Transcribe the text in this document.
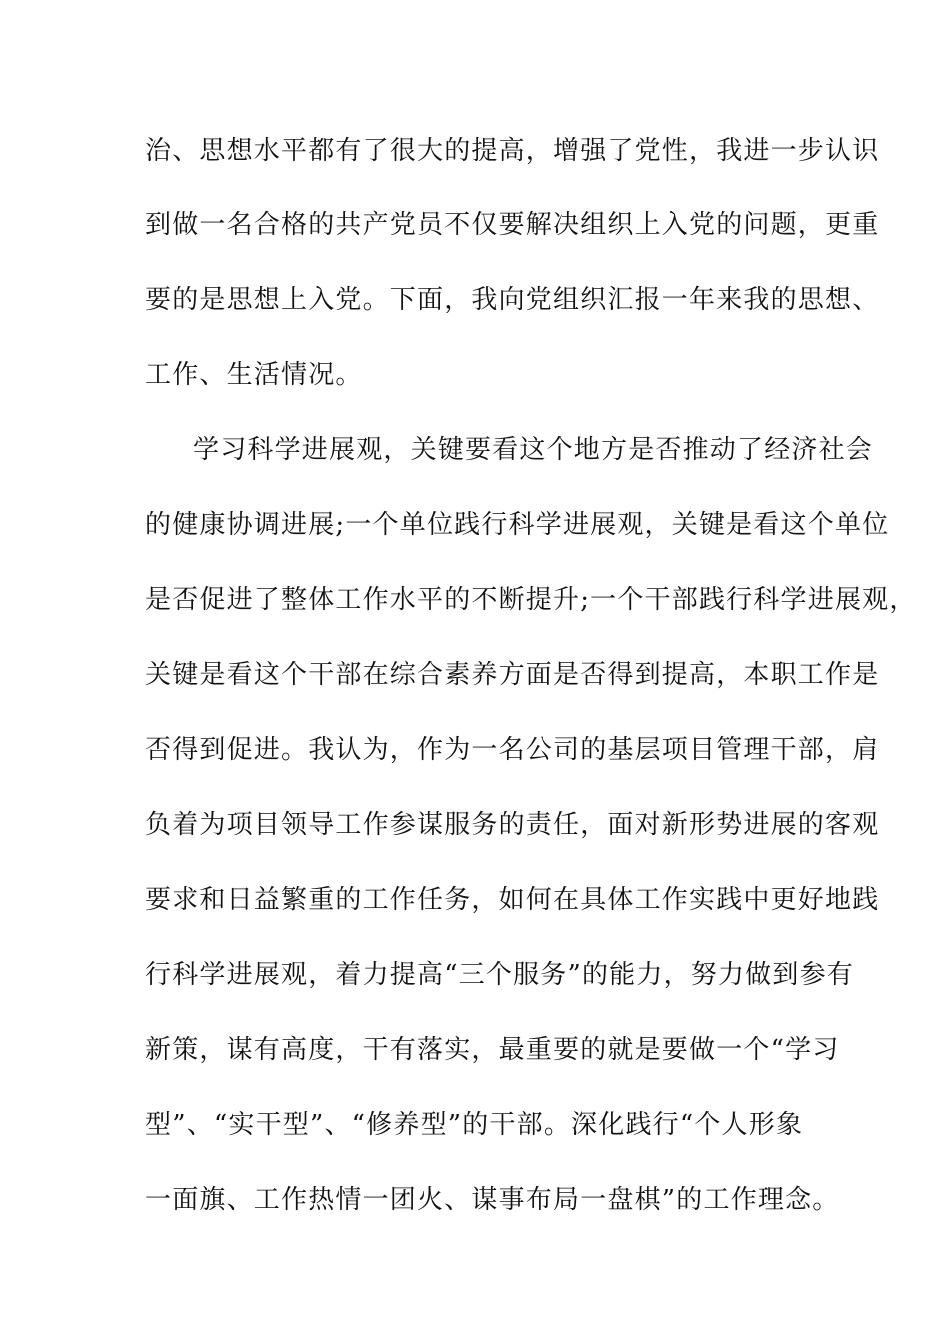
治、思想水平都有了很大的提高，增强了党性，我进一步认识
到做一名合格的共产党员不仅要解决组织上入党的问题，更重
要的是思想上入党。下面，我向党组织汇报一年来我的思想、
工作、生活情况。
学习科学进展观，关键要看这个地方是否推动了经济社会
的健康协调进展;一个单位践行科学进展观，关键是看这个单位
是否促进了整体工作水平的不断提升;一个干部践行科学进展观，
关键是看这个干部在综合素养方面是否得到提高，本职工作是
否得到促进。我认为，作为一名公司的基层项目管理干部，肩
负着为项目领导工作参谋服务的责任，面对新形势进展的客观
要求和日益繁重的工作任务，如何在具体工作实践中更好地践
行科学进展观，着力提高“三个服务”的能力，努力做到参有
新策，谋有高度，干有落实，最重要的就是要做一个“学习
型”、“实干型”、“修养型”的干部。深化践行“个人形象
一面旗、工作热情一团火、谋事布局一盘棋”的工作理念。
